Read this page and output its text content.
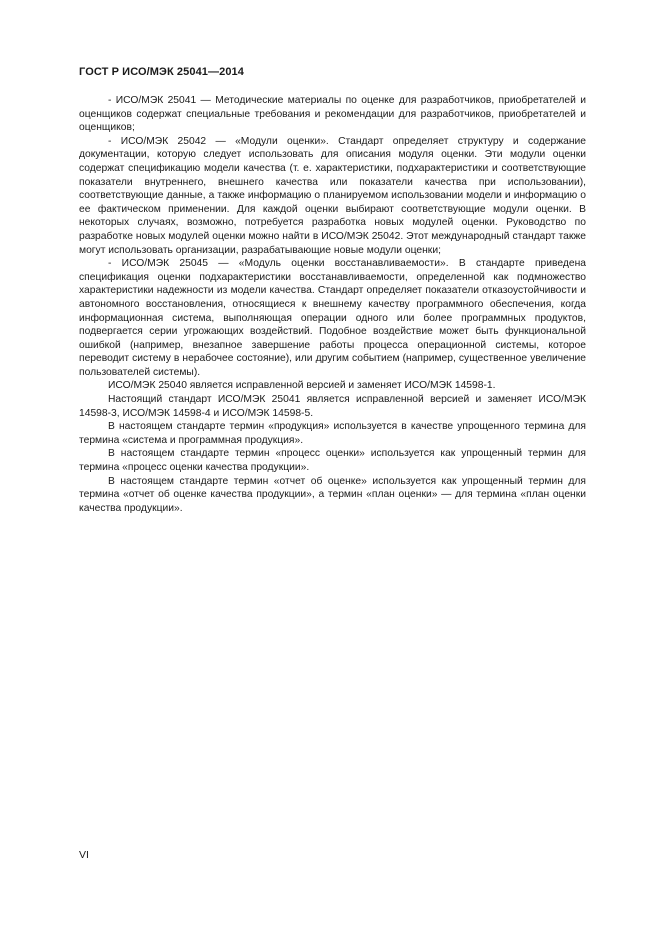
ГОСТ Р ИСО/МЭК 25041—2014

- ИСО/МЭК 25041 — Методические материалы по оценке для разработчиков, приобретателей и оценщиков содержат специальные требования и рекомендации для разработчиков, приобретателей и оценщиков;

- ИСО/МЭК 25042 — «Модули оценки». Стандарт определяет структуру и содержание документации, которую следует использовать для описания модуля оценки. Эти модули оценки содержат спецификацию модели качества (т. е. характеристики, подхарактеристики и соответствующие показатели внутреннего, внешнего качества или показатели качества при использовании), соответствующие данные, а также информацию о планируемом использовании модели и информацию о ее фактическом применении. Для каждой оценки выбирают соответствующие модули оценки. В некоторых случаях, возможно, потребуется разработка новых модулей оценки. Руководство по разработке новых модулей оценки можно найти в ИСО/МЭК 25042. Этот международный стандарт также могут использовать организации, разрабатывающие новые модули оценки;

- ИСО/МЭК 25045 — «Модуль оценки восстанавливаемости». В стандарте приведена спецификация оценки подхарактеристики восстанавливаемости, определенной как подмножество характеристики надежности из модели качества. Стандарт определяет показатели отказоустойчивости и автономного восстановления, относящиеся к внешнему качеству программного обеспечения, когда информационная система, выполняющая операции одного или более программных продуктов, подвергается серии угрожающих воздействий. Подобное воздействие может быть функциональной ошибкой (например, внезапное завершение работы процесса операционной системы, которое переводит систему в нерабочее состояние), или другим событием (например, существенное увеличение пользователей системы).

ИСО/МЭК 25040 является исправленной версией и заменяет ИСО/МЭК 14598-1.

Настоящий стандарт ИСО/МЭК 25041 является исправленной версией и заменяет ИСО/МЭК 14598-3, ИСО/МЭК 14598-4 и ИСО/МЭК 14598-5.

В настоящем стандарте термин «продукция» используется в качестве упрощенного термина для термина «система и программная продукция».

В настоящем стандарте термин «процесс оценки» используется как упрощенный термин для термина «процесс оценки качества продукции».

В настоящем стандарте термин «отчет об оценке» используется как упрощенный термин для термина «отчет об оценке качества продукции», а термин «план оценки» — для термина «план оценки качества продукции».

VI
